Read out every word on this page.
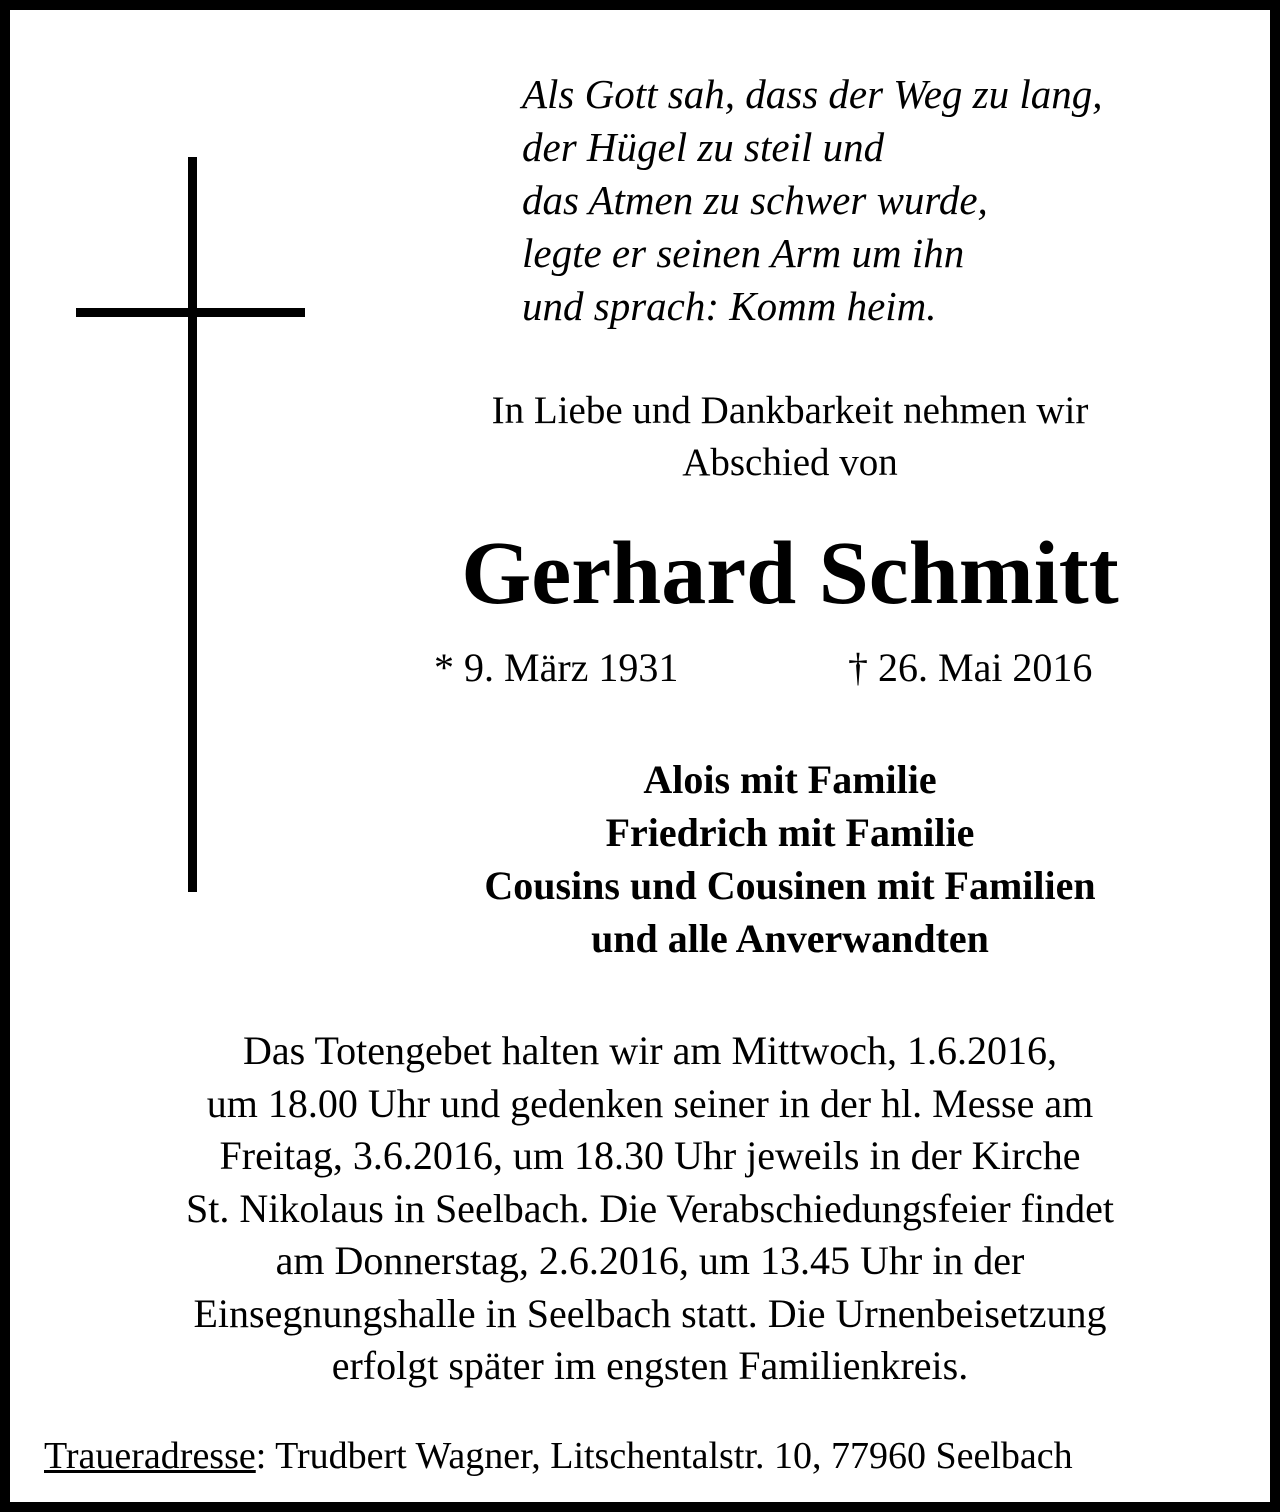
Als Gott sah, dass der Weg zu lang,
der Hügel zu steil und
das Atmen zu schwer wurde,
legte er seinen Arm um ihn
und sprach: Komm heim.
In Liebe und Dankbarkeit nehmen wir
Abschied von
Gerhard Schmitt
* 9. März 1931	† 26. Mai 2016
Alois mit Familie
Friedrich mit Familie
Cousins und Cousinen mit Familien
und alle Anverwandten
Das Totengebet halten wir am Mittwoch, 1.6.2016,
um 18.00 Uhr und gedenken seiner in der hl. Messe am
Freitag, 3.6.2016, um 18.30 Uhr jeweils in der Kirche
St. Nikolaus in Seelbach. Die Verabschiedungsfeier findet
am Donnerstag, 2.6.2016, um 13.45 Uhr in der
Einsegnungshalle in Seelbach statt. Die Urnenbeisetzung
erfolgt später im engsten Familienkreis.
Traueradresse: Trudbert Wagner, Litschentalstr. 10, 77960 Seelbach
